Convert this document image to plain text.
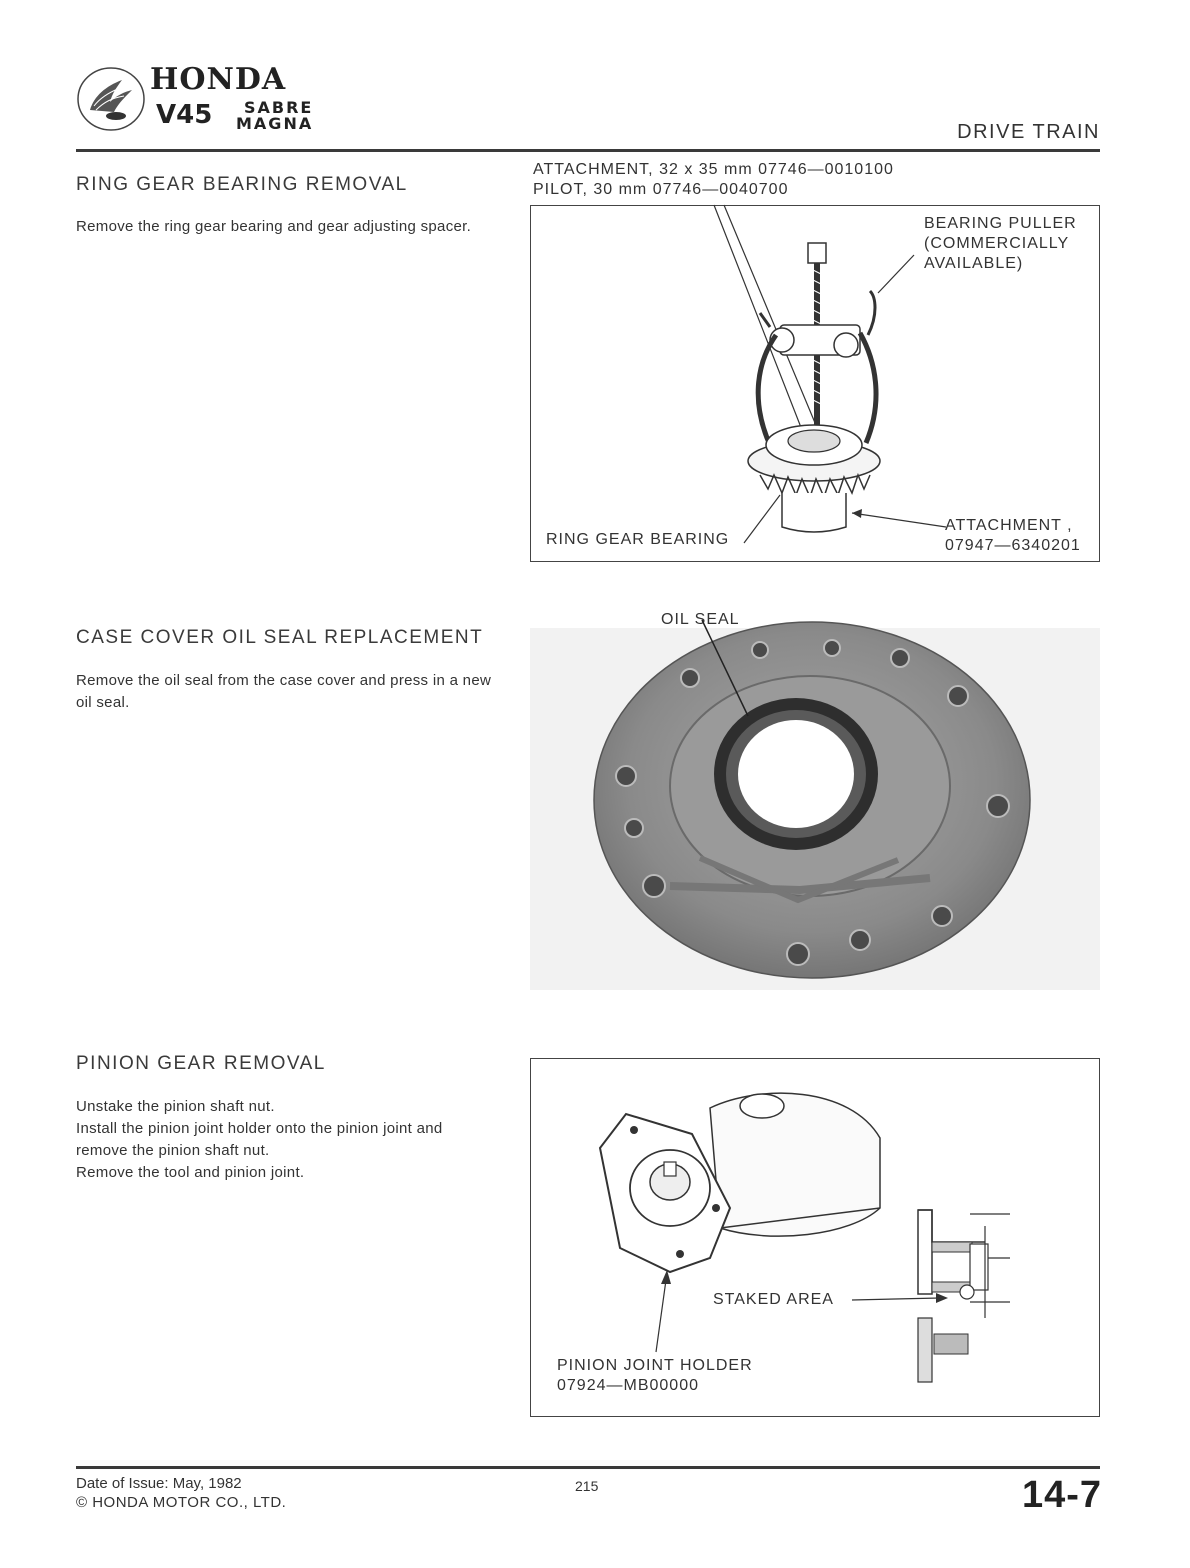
HONDA
V45 SABRE
MAGNA	DRIVE TRAIN
RING GEAR BEARING REMOVAL
Remove the ring gear bearing and gear adjusting spacer.
ATTACHMENT, 32 x 35 mm 07746—0010100
PILOT, 30 mm 07746—0040700
BEARING PULLER
(COMMERCIALLY
AVAILABLE)
RING GEAR BEARING
ATTACHMENT ,
07947—6340201
CASE COVER OIL SEAL REPLACEMENT
Remove the oil seal from the case cover and press in a new oil seal.
OIL SEAL
PINION GEAR REMOVAL
Unstake the pinion shaft nut.
Install the pinion joint holder onto the pinion joint and remove the pinion shaft nut.
Remove the tool and pinion joint.
STAKED AREA
PINION JOINT HOLDER
07924—MB00000
Date of Issue: May, 1982
© HONDA MOTOR CO., LTD.
215	14-7
